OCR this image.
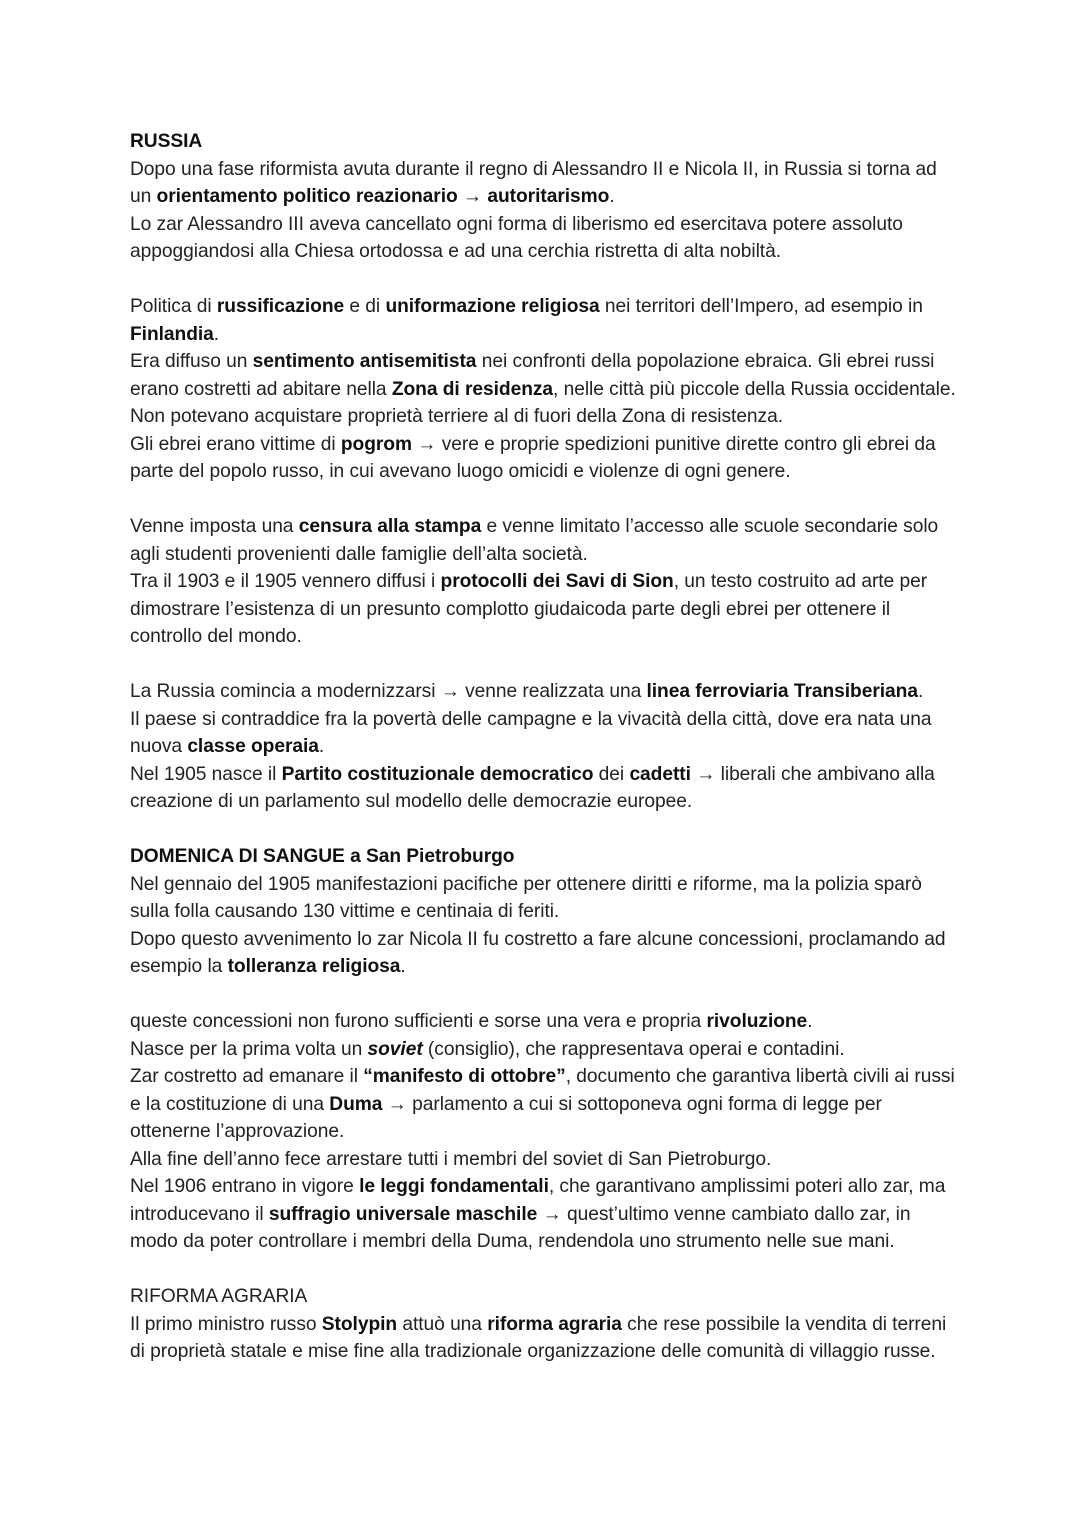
RUSSIA

Dopo una fase riformista avuta durante il regno di Alessandro II e Nicola II, in Russia si torna ad un orientamento politico reazionario → autoritarismo.

Lo zar Alessandro III aveva cancellato ogni forma di liberismo ed esercitava potere assoluto appoggiandosi alla Chiesa ortodossa e ad una cerchia ristretta di alta nobiltà.

Politica di russificazione e di uniformazione religiosa nei territori dell’Impero, ad esempio in Finlandia.

Era diffuso un sentimento antisemitista nei confronti della popolazione ebraica. Gli ebrei russi erano costretti ad abitare nella Zona di residenza, nelle città più piccole della Russia occidentale. Non potevano acquistare proprietà terriere al di fuori della Zona di resistenza.

Gli ebrei erano vittime di pogrom → vere e proprie spedizioni punitive dirette contro gli ebrei da parte del popolo russo, in cui avevano luogo omicidi e violenze di ogni genere.

Venne imposta una censura alla stampa e venne limitato l’accesso alle scuole secondarie solo agli studenti provenienti dalle famiglie dell’alta società.

Tra il 1903 e il 1905 vennero diffusi i protocolli dei Savi di Sion, un testo costruito ad arte per dimostrare l’esistenza di un presunto complotto giudaicoda parte degli ebrei per ottenere il controllo del mondo.

La Russia comincia a modernizzarsi → venne realizzata una linea ferroviaria Transiberiana.

Il paese si contraddice fra la povertà delle campagne e la vivacità della città, dove era nata una nuova classe operaia.

Nel 1905 nasce il Partito costituzionale democratico dei cadetti → liberali che ambivano alla creazione di un parlamento sul modello delle democrazie europee.

DOMENICA DI SANGUE a San Pietroburgo

Nel gennaio del 1905 manifestazioni pacifiche per ottenere diritti e riforme, ma la polizia sparò sulla folla causando 130 vittime e centinaia di feriti.

Dopo questo avvenimento lo zar Nicola II fu costretto a fare alcune concessioni, proclamando ad esempio la tolleranza religiosa.

queste concessioni non furono sufficienti e sorse una vera e propria rivoluzione.

Nasce per la prima volta un soviet (consiglio), che rappresentava operai e contadini.

Zar costretto ad emanare il “manifesto di ottobre”, documento che garantiva libertà civili ai russi e la costituzione di una Duma → parlamento a cui si sottoponeva ogni forma di legge per ottenerne l’approvazione.

Alla fine dell’anno fece arrestare tutti i membri del soviet di San Pietroburgo.

Nel 1906 entrano in vigore le leggi fondamentali, che garantivano amplissimi poteri allo zar, ma introducevano il suffragio universale maschile → quest’ultimo venne cambiato dallo zar, in modo da poter controllare i membri della Duma, rendendola uno strumento nelle sue mani.

RIFORMA AGRARIA

Il primo ministro russo Stolypin attuò una riforma agraria che rese possibile la vendita di terreni di proprietà statale e mise fine alla tradizionale organizzazione delle comunità di villaggio russe.
